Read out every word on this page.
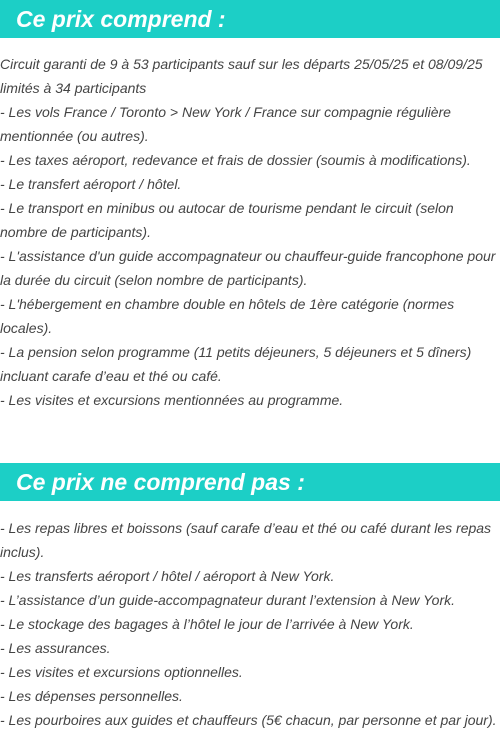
Ce prix comprend :
Circuit garanti de 9 à 53 participants sauf sur les départs 25/05/25 et 08/09/25 limités à 34 participants
- Les vols France / Toronto > New York / France sur compagnie régulière mentionnée (ou autres).
- Les taxes aéroport, redevance et frais de dossier (soumis à modifications).
- Le transfert aéroport / hôtel.
- Le transport en minibus ou autocar de tourisme pendant le circuit (selon nombre de participants).
- L'assistance d'un guide accompagnateur ou chauffeur-guide francophone pour la durée du circuit (selon nombre de participants).
- L'hébergement en chambre double en hôtels de 1ère catégorie (normes locales).
- La pension selon programme (11 petits déjeuners, 5 déjeuners et 5 dîners) incluant carafe d’eau et thé ou café.
- Les visites et excursions mentionnées au programme.
Ce prix ne comprend pas :
- Les repas libres et boissons (sauf carafe d’eau et thé ou café durant les repas inclus).
- Les transferts aéroport / hôtel / aéroport à New York.
- L’assistance d’un guide-accompagnateur durant l’extension à New York.
- Le stockage des bagages à l’hôtel le jour de l’arrivée à New York.
- Les assurances.
- Les visites et excursions optionnelles.
- Les dépenses personnelles.
- Les pourboires aux guides et chauffeurs (5€ chacun, par personne et par jour).
